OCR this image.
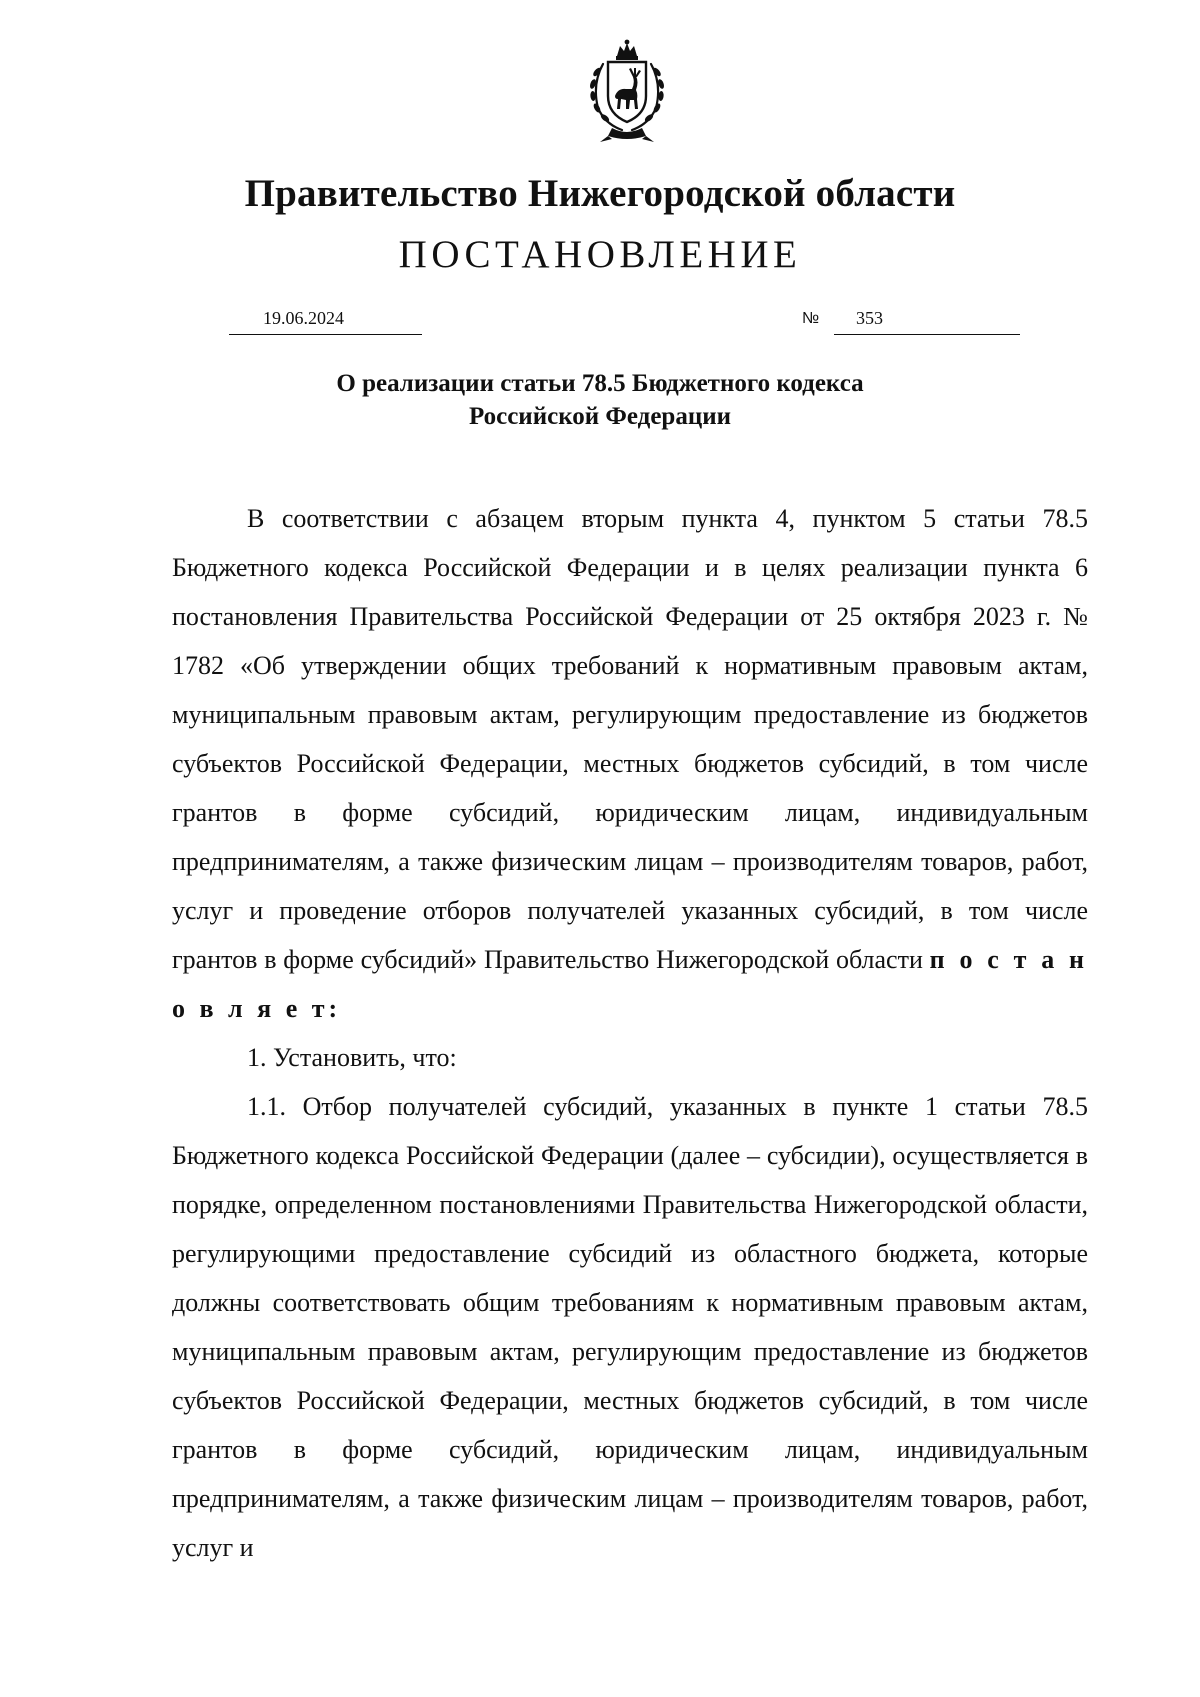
Правительство Нижегородской области
ПОСТАНОВЛЕНИЕ
19.06.2024	№ 353
О реализации статьи 78.5 Бюджетного кодекса
Российской Федерации

В соответствии с абзацем вторым пункта 4, пунктом 5 статьи 78.5 Бюджетного кодекса Российской Федерации и в целях реализации пункта 6 постановления Правительства Российской Федерации от 25 октября 2023 г. № 1782 «Об утверждении общих требований к нормативным правовым актам, муниципальным правовым актам, регулирующим предоставление из бюджетов субъектов Российской Федерации, местных бюджетов субсидий, в том числе грантов в форме субсидий, юридическим лицам, индивидуальным предпринимателям, а также физическим лицам – производителям товаров, работ, услуг и проведение отборов получателей указанных субсидий, в том числе грантов в форме субсидий» Правительство Нижегородской области п о с т а н о в л я е т:

1. Установить, что:

1.1. Отбор получателей субсидий, указанных в пункте 1 статьи 78.5 Бюджетного кодекса Российской Федерации (далее – субсидии), осуществляется в порядке, определенном постановлениями Правительства Нижегородской области, регулирующими предоставление субсидий из областного бюджета, которые должны соответствовать общим требованиям к нормативным правовым актам, муниципальным правовым актам, регулирующим предоставление из бюджетов субъектов Российской Федерации, местных бюджетов субсидий, в том числе грантов в форме субсидий, юридическим лицам, индивидуальным предпринимателям, а также физическим лицам – производителям товаров, работ, услуг и
